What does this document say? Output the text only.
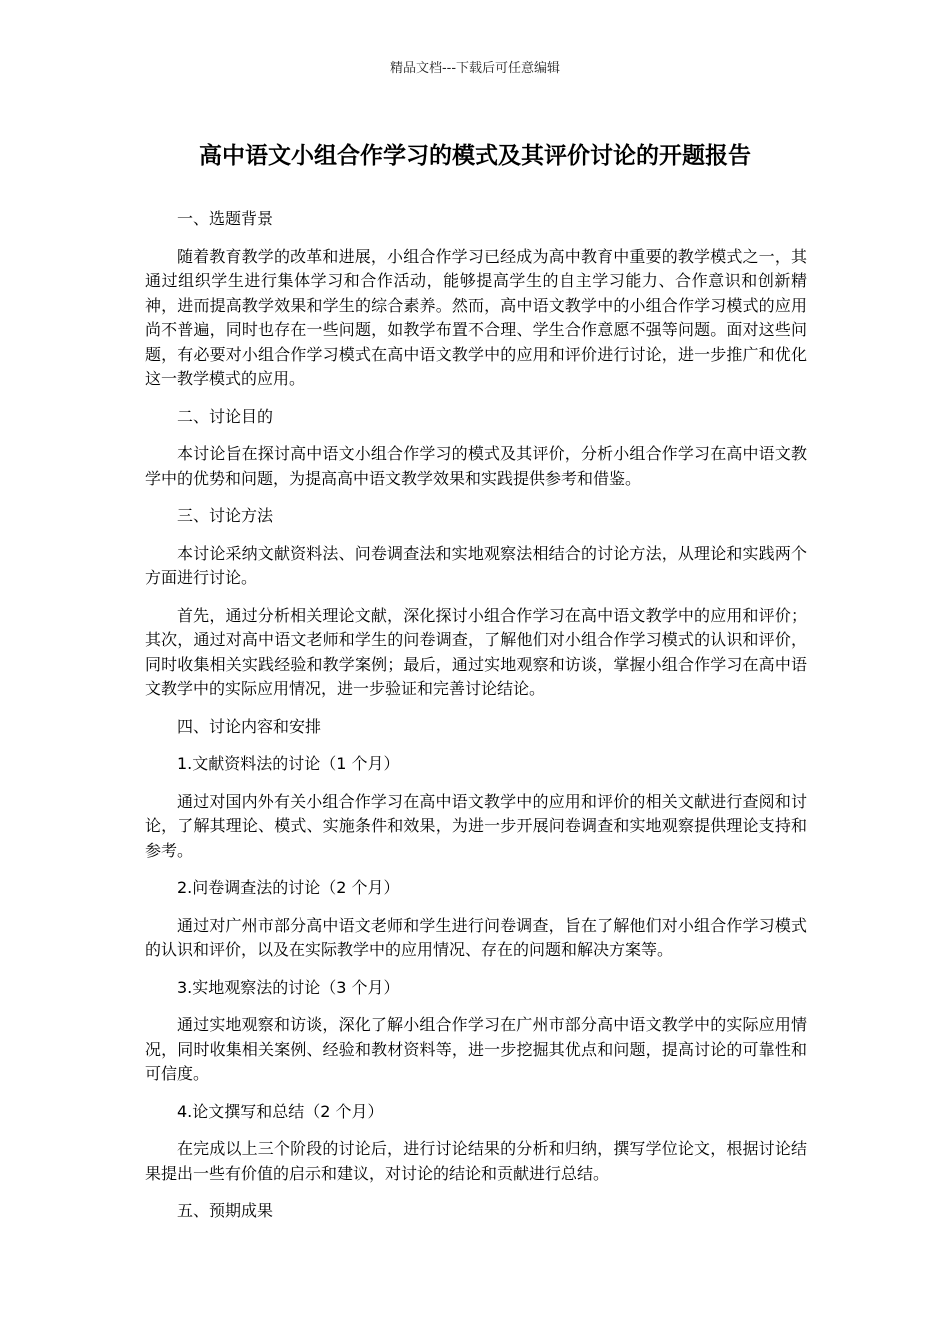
精品文档---下载后可任意编辑
高中语文小组合作学习的模式及其评价讨论的开题报告
一、选题背景
随着教育教学的改革和进展，小组合作学习已经成为高中教育中重要的教学模式之一，其通过组织学生进行集体学习和合作活动，能够提高学生的自主学习能力、合作意识和创新精神，进而提高教学效果和学生的综合素养。然而，高中语文教学中的小组合作学习模式的应用尚不普遍，同时也存在一些问题，如教学布置不合理、学生合作意愿不强等问题。面对这些问题，有必要对小组合作学习模式在高中语文教学中的应用和评价进行讨论，进一步推广和优化这一教学模式的应用。
二、讨论目的
本讨论旨在探讨高中语文小组合作学习的模式及其评价，分析小组合作学习在高中语文教学中的优势和问题，为提高高中语文教学效果和实践提供参考和借鉴。
三、讨论方法
本讨论采纳文献资料法、问卷调查法和实地观察法相结合的讨论方法，从理论和实践两个方面进行讨论。
首先，通过分析相关理论文献，深化探讨小组合作学习在高中语文教学中的应用和评价；其次，通过对高中语文老师和学生的问卷调查，了解他们对小组合作学习模式的认识和评价，同时收集相关实践经验和教学案例；最后，通过实地观察和访谈，掌握小组合作学习在高中语文教学中的实际应用情况，进一步验证和完善讨论结论。
四、讨论内容和安排
1.文献资料法的讨论（1 个月）
通过对国内外有关小组合作学习在高中语文教学中的应用和评价的相关文献进行查阅和讨论，了解其理论、模式、实施条件和效果，为进一步开展问卷调查和实地观察提供理论支持和参考。
2.问卷调查法的讨论（2 个月）
通过对广州市部分高中语文老师和学生进行问卷调查，旨在了解他们对小组合作学习模式的认识和评价，以及在实际教学中的应用情况、存在的问题和解决方案等。
3.实地观察法的讨论（3 个月）
通过实地观察和访谈，深化了解小组合作学习在广州市部分高中语文教学中的实际应用情况，同时收集相关案例、经验和教材资料等，进一步挖掘其优点和问题，提高讨论的可靠性和可信度。
4.论文撰写和总结（2 个月）
在完成以上三个阶段的讨论后，进行讨论结果的分析和归纳，撰写学位论文，根据讨论结果提出一些有价值的启示和建议，对讨论的结论和贡献进行总结。
五、预期成果
